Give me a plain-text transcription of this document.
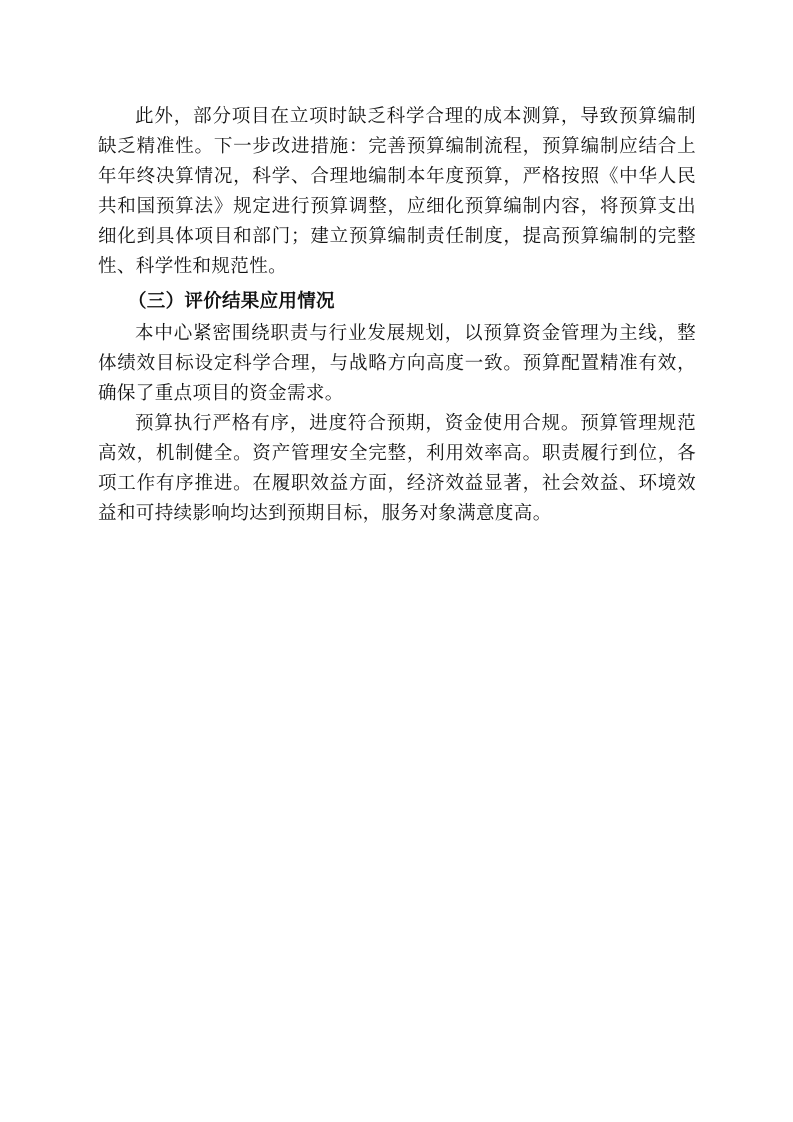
此外，部分项目在立项时缺乏科学合理的成本测算，导致预算编制缺乏精准性。下一步改进措施：完善预算编制流程，预算编制应结合上年年终决算情况，科学、合理地编制本年度预算，严格按照《中华人民共和国预算法》规定进行预算调整，应细化预算编制内容，将预算支出细化到具体项目和部门；建立预算编制责任制度，提高预算编制的完整性、科学性和规范性。

（三）评价结果应用情况

本中心紧密围绕职责与行业发展规划，以预算资金管理为主线，整体绩效目标设定科学合理，与战略方向高度一致。预算配置精准有效，确保了重点项目的资金需求。

预算执行严格有序，进度符合预期，资金使用合规。预算管理规范高效，机制健全。资产管理安全完整，利用效率高。职责履行到位，各项工作有序推进。在履职效益方面，经济效益显著，社会效益、环境效益和可持续影响均达到预期目标，服务对象满意度高。
